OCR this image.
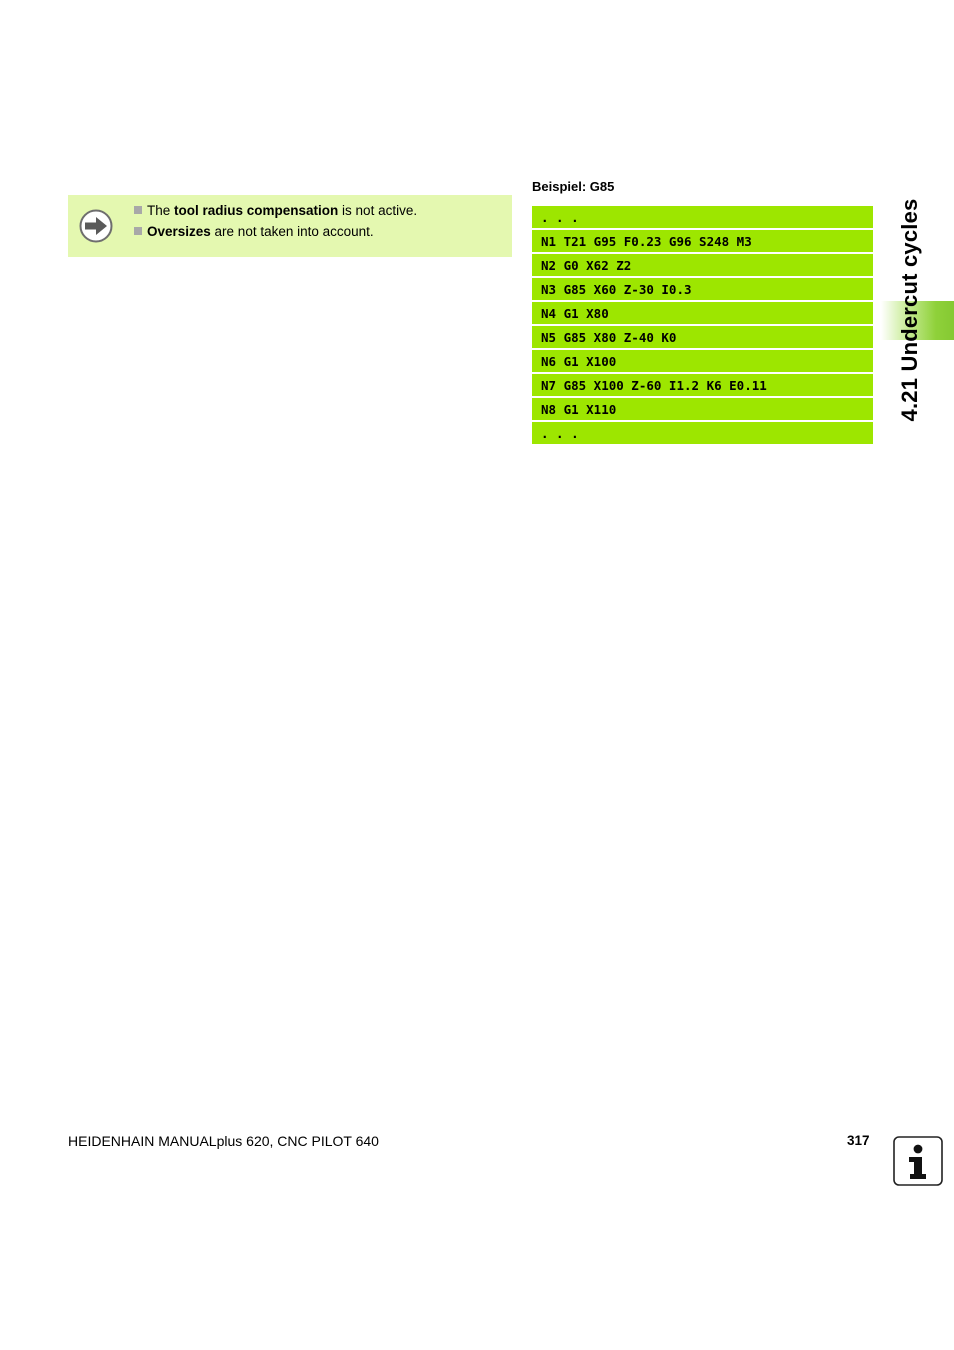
The tool radius compensation is not active.
Oversizes are not taken into account.
Beispiel: G85
. . .
N1 T21 G95 F0.23 G96 S248 M3
N2 G0 X62 Z2
N3 G85 X60 Z-30 I0.3
N4 G1 X80
N5 G85 X80 Z-40 K0
N6 G1 X100
N7 G85 X100 Z-60 I1.2 K6 E0.11
N8 G1 X110
. . .
4.21 Undercut cycles
HEIDENHAIN MANUALplus 620, CNC PILOT 640	317
